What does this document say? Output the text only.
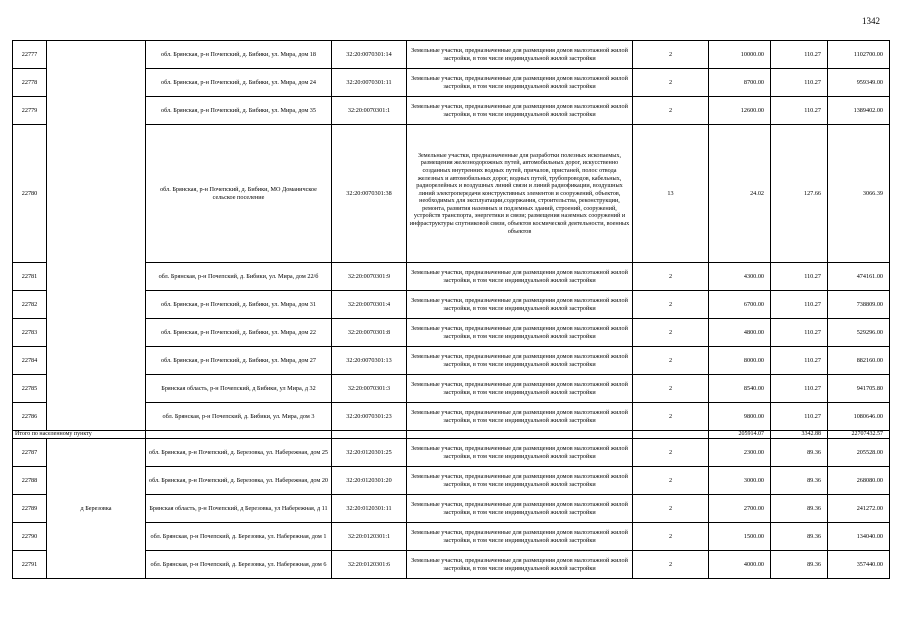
1342
22777		обл. Брянская, р-н Почепский, д. Бибики, ул. Мира, дом 18	32:20:0070301:14	Земельные участки, предназначенные для размещения домов малоэтажной жилой застройки, в том числе индивидуальной жилой застройки	2	10000.00	110.27	1102700.00
22778		обл. Брянская, р-н Почепский, д. Бибики, ул. Мира, дом 24	32:20:0070301:11	Земельные участки, предназначенные для размещения домов малоэтажной жилой застройки, в том числе индивидуальной жилой застройки	2	8700.00	110.27	959349.00
22779		обл. Брянская, р-н Почепский, д. Бибики, ул. Мира, дом 35	32:20:0070301:1	Земельные участки, предназначенные для размещения домов малоэтажной жилой застройки, в том числе индивидуальной жилой застройки	2	12600.00	110.27	1389402.00
22780		обл. Брянская, р-н Почепский, д. Бибики, МО Доманичское сельское поселение	32:20:0070301:38	Земельные участки, предназначенные для разработки полезных ископаемых, размещения железнодорожных путей, автомобильных дорог, искусственно созданных внутренних водных путей, причалов, пристаней, полос отвода железных и автомобильных дорог, водных путей, трубопроводов, кабельных, радиорелейных и воздушных линий связи и линий радиофикации, воздушных линий электропередачи конструктивных элементов и сооружений, объектов, необходимых для эксплуатации,содержания, строительства, реконструкции, ремонта, развития наземных и подземных зданий, строений, сооружений, устройств транспорта, энергетики и связи; размещения наземных сооружений и инфраструктуры спутниковой связи, объектов космической деятельности, военных объектов	13	24.02	127.66	3066.39
22781		обл. Брянская, р-н Почепский, д. Бибики, ул. Мира, дом 22/б	32:20:0070301:9	Земельные участки, предназначенные для размещения домов малоэтажной жилой застройки, в том числе индивидуальной жилой застройки	2	4300.00	110.27	474161.00
22782		обл. Брянская, р-н Почепский, д. Бибики, ул. Мира, дом 31	32:20:0070301:4	Земельные участки, предназначенные для размещения домов малоэтажной жилой застройки, в том числе индивидуальной жилой застройки	2	6700.00	110.27	738809.00
22783		обл. Брянская, р-н Почепский, д. Бибики, ул. Мира, дом 22	32:20:0070301:8	Земельные участки, предназначенные для размещения домов малоэтажной жилой застройки, в том числе индивидуальной жилой застройки	2	4800.00	110.27	529296.00
22784		обл. Брянская, р-н Почепский, д. Бибики, ул. Мира, дом 27	32:20:0070301:13	Земельные участки, предназначенные для размещения домов малоэтажной жилой застройки, в том числе индивидуальной жилой застройки	2	8000.00	110.27	882160.00
22785		Брянская область, р-н Почепский, д Бибики, ул Мира, д 32	32:20:0070301:3	Земельные участки, предназначенные для размещения домов малоэтажной жилой застройки, в том числе индивидуальной жилой застройки	2	8540.00	110.27	941705.80
22786		обл. Брянская, р-н Почепский, д. Бибики, ул. Мира, дом 3	32:20:0070301:23	Земельные участки, предназначенные для размещения домов малоэтажной жилой застройки, в том числе индивидуальной жилой застройки	2	9800.00	110.27	1080646.00
Итого по населенному пункту						205914.07	3342.88	22707432.57
22787	д Березовка	обл. Брянская, р-н Почепский, д. Березовка, ул. Набережная, дом 25	32:20:0120301:25	Земельные участки, предназначенные для размещения домов малоэтажной жилой застройки, в том числе индивидуальной жилой застройки	2	2300.00	89.36	205528.00
22788		обл. Брянская, р-н Почепский, д. Березовка, ул. Набережная, дом 20	32:20:0120301:20	Земельные участки, предназначенные для размещения домов малоэтажной жилой застройки, в том числе индивидуальной жилой застройки	2	3000.00	89.36	268080.00
22789		Брянская область, р-н Почепский, д Березовка, ул Набережная, д 11	32:20:0120301:11	Земельные участки, предназначенные для размещения домов малоэтажной жилой застройки, в том числе индивидуальной жилой застройки	2	2700.00	89.36	241272.00
22790		обл. Брянская, р-н Почепский, д. Березовка, ул. Набережная, дом 1	32:20:0120301:1	Земельные участки, предназначенные для размещения домов малоэтажной жилой застройки, в том числе индивидуальной жилой застройки	2	1500.00	89.36	134040.00
22791		обл. Брянская, р-н Почепский, д. Березовка, ул. Набережная, дом 6	32:20:0120301:6	Земельные участки, предназначенные для размещения домов малоэтажной жилой застройки, в том числе индивидуальной жилой застройки	2	4000.00	89.36	357440.00
